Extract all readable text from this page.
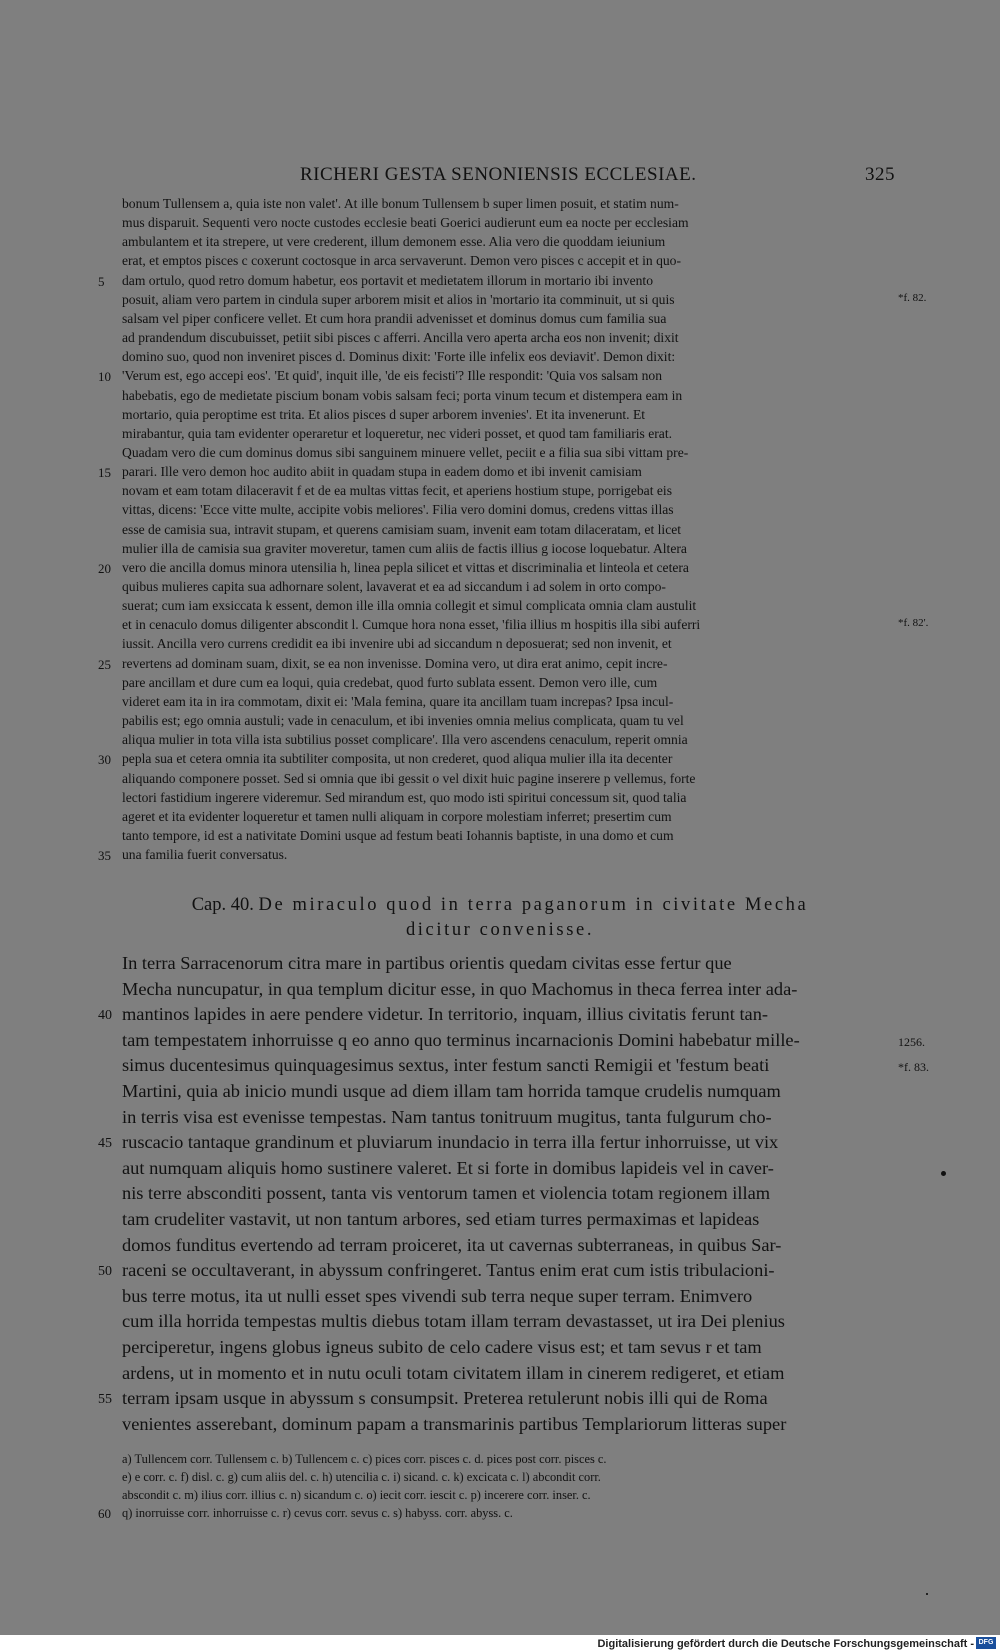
RICHERI GESTA SENONIENSIS ECCLESIAE.	325
bonum Tullensem a, quia iste non valet'. At ille bonum Tullensem b super limen posuit, et statim num-
mus disparuit. Sequenti vero nocte custodes ecclesie beati Goerici audierunt eum ea nocte per ecclesiam
ambulantem et ita strepere, ut vere crederent, illum demonem esse. Alia vero die quoddam ieiunium
erat, et emptos pisces c coxerunt coctosque in arca servaverunt. Demon vero pisces c accepit et in quo-
5	dam ortulo, quod retro domum habetur, eos portavit et medietatem illorum in mortario ibi invento
posuit, aliam vero partem in cindula super arborem misit et alios in 'mortario ita comminuit, ut si quis	*f. 82.
salsam vel piper conficere vellet. Et cum hora prandii advenisset et dominus domus cum familia sua
ad prandendum discubuisset, petiit sibi pisces c afferri. Ancilla vero aperta archa eos non invenit; dixit
domino suo, quod non inveniret pisces d. Dominus dixit: 'Forte ille infelix eos deviavit'. Demon dixit:
10 'Verum est, ego accepi eos'. 'Et quid', inquit ille, 'de eis fecisti'? Ille respondit: 'Quia vos salsam non
habebatis, ego de medietate piscium bonam vobis salsam feci; porta vinum tecum et distempera eam in
mortario, quia peroptime est trita. Et alios pisces d super arborem invenies'. Et ita invenerunt. Et
mirabantur, quia tam evidenter operaretur et loqueretur, nec videri posset, et quod tam familiaris erat.
Quadam vero die cum dominus domus sibi sanguinem minuere vellet, peciit e a filia sua sibi vittam pre-
15 parari. Ille vero demon hoc audito abiit in quadam stupa in eadem domo et ibi invenit camisiam
novam et eam totam dilaceravit f et de ea multas vittas fecit, et aperiens hostium stupe, porrigebat eis
vittas, dicens: 'Ecce vitte multe, accipite vobis meliores'. Filia vero domini domus, credens vittas illas
esse de camisia sua, intravit stupam, et querens camisiam suam, invenit eam totam dilaceratam, et licet
mulier illa de camisia sua graviter moveretur, tamen cum aliis de factis illius g iocose loquebatur. Altera
20 vero die ancilla domus minora utensilia h, linea pepla silicet et vittas et discriminalia et linteola et cetera
quibus mulieres capita sua adhornare solent, lavaverat et ea ad siccandum i ad solem in orto compo-
suerat; cum iam exsiccata k essent, demon ille illa omnia collegit et simul complicata omnia clam austulit
et in cenaculo domus diligenter abscondit l. Cumque hora nona esset, 'filia illius m hospitis illa sibi auferri	*f. 82'.
iussit. Ancilla vero currens credidit ea ibi invenire ubi ad siccandum n deposuerat; sed non invenit, et
25 revertens ad dominam suam, dixit, se ea non invenisse. Domina vero, ut dira erat animo, cepit incre-
pare ancillam et dure cum ea loqui, quia credebat, quod furto sublata essent. Demon vero ille, cum
videret eam ita in ira commotam, dixit ei: 'Mala femina, quare ita ancillam tuam increpas? Ipsa incul-
pabilis est; ego omnia austuli; vade in cenaculum, et ibi invenies omnia melius complicata, quam tu vel
aliqua mulier in tota villa ista subtilius posset complicare'. Illa vero ascendens cenaculum, reperit omnia
30 pepla sua et cetera omnia ita subtiliter composita, ut non crederet, quod aliqua mulier illa ita decenter
aliquando componere posset. Sed si omnia que ibi gessit o vel dixit huic pagine inserere p vellemus, forte
lectori fastidium ingerere videremur. Sed mirandum est, quo modo isti spiritui concessum sit, quod talia
ageret et ita evidenter loqueretur et tamen nulli aliquam in corpore molestiam inferret; presertim cum
tanto tempore, id est a nativitate Domini usque ad festum beati Iohannis baptiste, in una domo et cum
35 una familia fuerit conversatus.
Cap. 40. De miraculo quod in terra paganorum in civitate Mecha
dicitur convenisse.
In terra Sarracenorum citra mare in partibus orientis quedam civitas esse fertur que
Mecha nuncupatur, in qua templum dicitur esse, in quo Machomus in theca ferrea inter ada-
40 mantinos lapides in aere pendere videtur. In territorio, inquam, illius civitatis ferunt tan-
tam tempestatem inhorruisse q eo anno quo terminus incarnacionis Domini habebatur mille-	1256.
simus ducentesimus quinquagesimus sextus, inter festum sancti Remigii et 'festum beati	*f. 83.
Martini, quia ab inicio mundi usque ad diem illam tam horrida tamque crudelis numquam
in terris visa est evenisse tempestas. Nam tantus tonitruum mugitus, tanta fulgurum cho-
45 ruscacio tantaque grandinum et pluviarum inundacio in terra illa fertur inhorruisse, ut vix
aut numquam aliquis homo sustinere valeret. Et si forte in domibus lapideis vel in caver-
nis terre absconditi possent, tanta vis ventorum tamen et violencia totam regionem illam
tam crudeliter vastavit, ut non tantum arbores, sed etiam turres permaximas et lapideas
domos funditus evertendo ad terram proiceret, ita ut cavernas subterraneas, in quibus Sar-
50 raceni se occultaverant, in abyssum confringeret. Tantus enim erat cum istis tribulacioni-
bus terre motus, ita ut nulli esset spes vivendi sub terra neque super terram. Enimvero
cum illa horrida tempestas multis diebus totam illam terram devastasset, ut ira Dei plenius
perciperetur, ingens globus igneus subito de celo cadere visus est; et tam sevus r et tam
ardens, ut in momento et in nutu oculi totam civitatem illam in cinerem redigeret, et etiam
55 terram ipsam usque in abyssum s consumpsit. Preterea retulerunt nobis illi qui de Roma
venientes asserebant, dominum papam a transmarinis partibus Templariorum litteras super
a) Tullencem corr. Tullensem c. b) Tullencem c. c) pices corr. pisces c. d. pices post corr. pisces c.
e) e corr. c. f) disl. c. g) cum aliis del. c. h) utencilia c. i) sicand. c. k) excicata c. l) abcondit corr.
abscondit c. m) ilius corr. illius c. n) sicandum c. o) iecit corr. iescit c. p) incerere corr. inser. c.
60 q) inorruisse corr. inhorruisse c. r) cevus corr. sevus c. s) habyss. corr. abyss. c.
Digitalisierung gefördert durch die Deutsche Forschungsgemeinschaft - DFG
